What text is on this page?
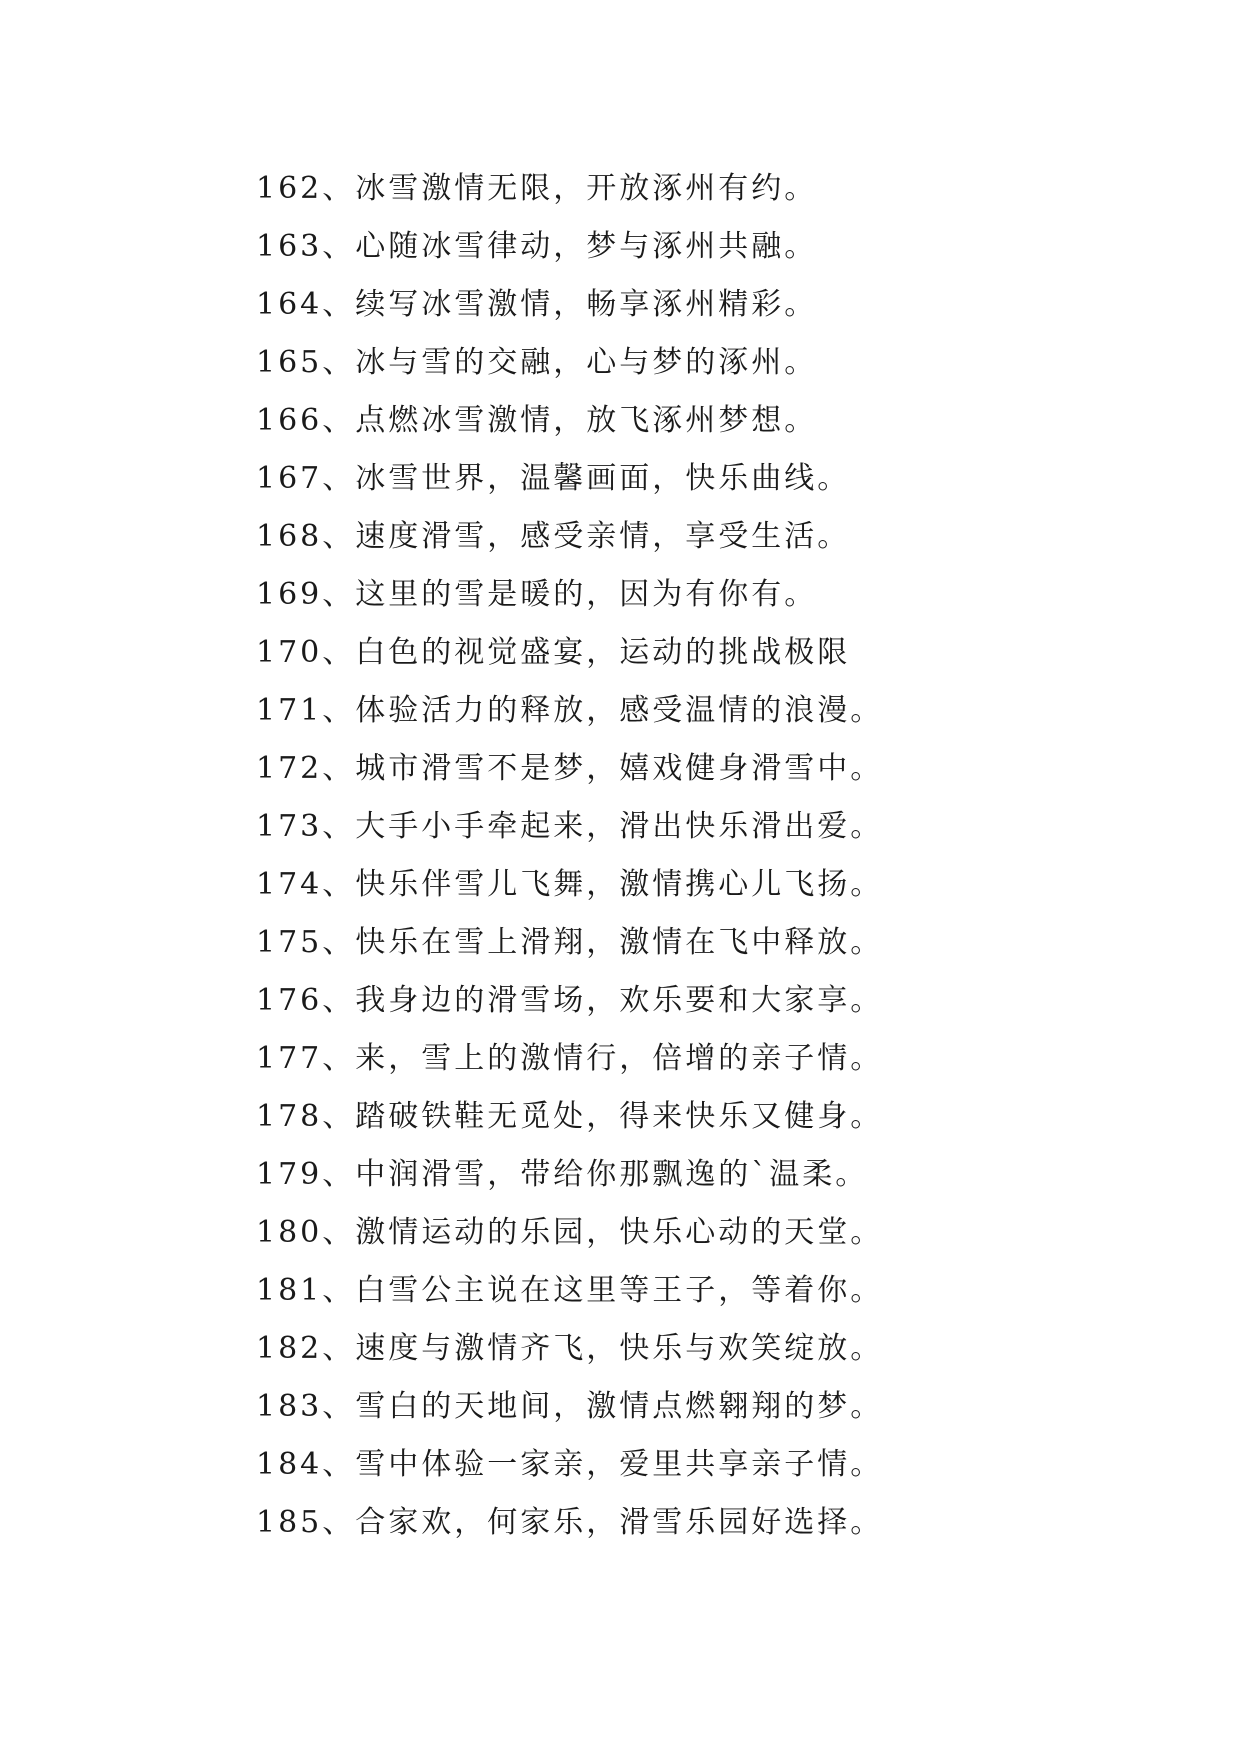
162、冰雪激情无限，开放涿州有约。
163、心随冰雪律动，梦与涿州共融。
164、续写冰雪激情，畅享涿州精彩。
165、冰与雪的交融，心与梦的涿州。
166、点燃冰雪激情，放飞涿州梦想。
167、冰雪世界，温馨画面，快乐曲线。
168、速度滑雪，感受亲情，享受生活。
169、这里的雪是暖的，因为有你有。
170、白色的视觉盛宴，运动的挑战极限
171、体验活力的释放，感受温情的浪漫。
172、城市滑雪不是梦，嬉戏健身滑雪中。
173、大手小手牵起来，滑出快乐滑出爱。
174、快乐伴雪儿飞舞，激情携心儿飞扬。
175、快乐在雪上滑翔，激情在飞中释放。
176、我身边的滑雪场，欢乐要和大家享。
177、来，雪上的激情行，倍增的亲子情。
178、踏破铁鞋无觅处，得来快乐又健身。
179、中润滑雪，带给你那飘逸的`温柔。
180、激情运动的乐园，快乐心动的天堂。
181、白雪公主说在这里等王子，等着你。
182、速度与激情齐飞，快乐与欢笑绽放。
183、雪白的天地间，激情点燃翱翔的梦。
184、雪中体验一家亲，爱里共享亲子情。
185、合家欢，何家乐，滑雪乐园好选择。
